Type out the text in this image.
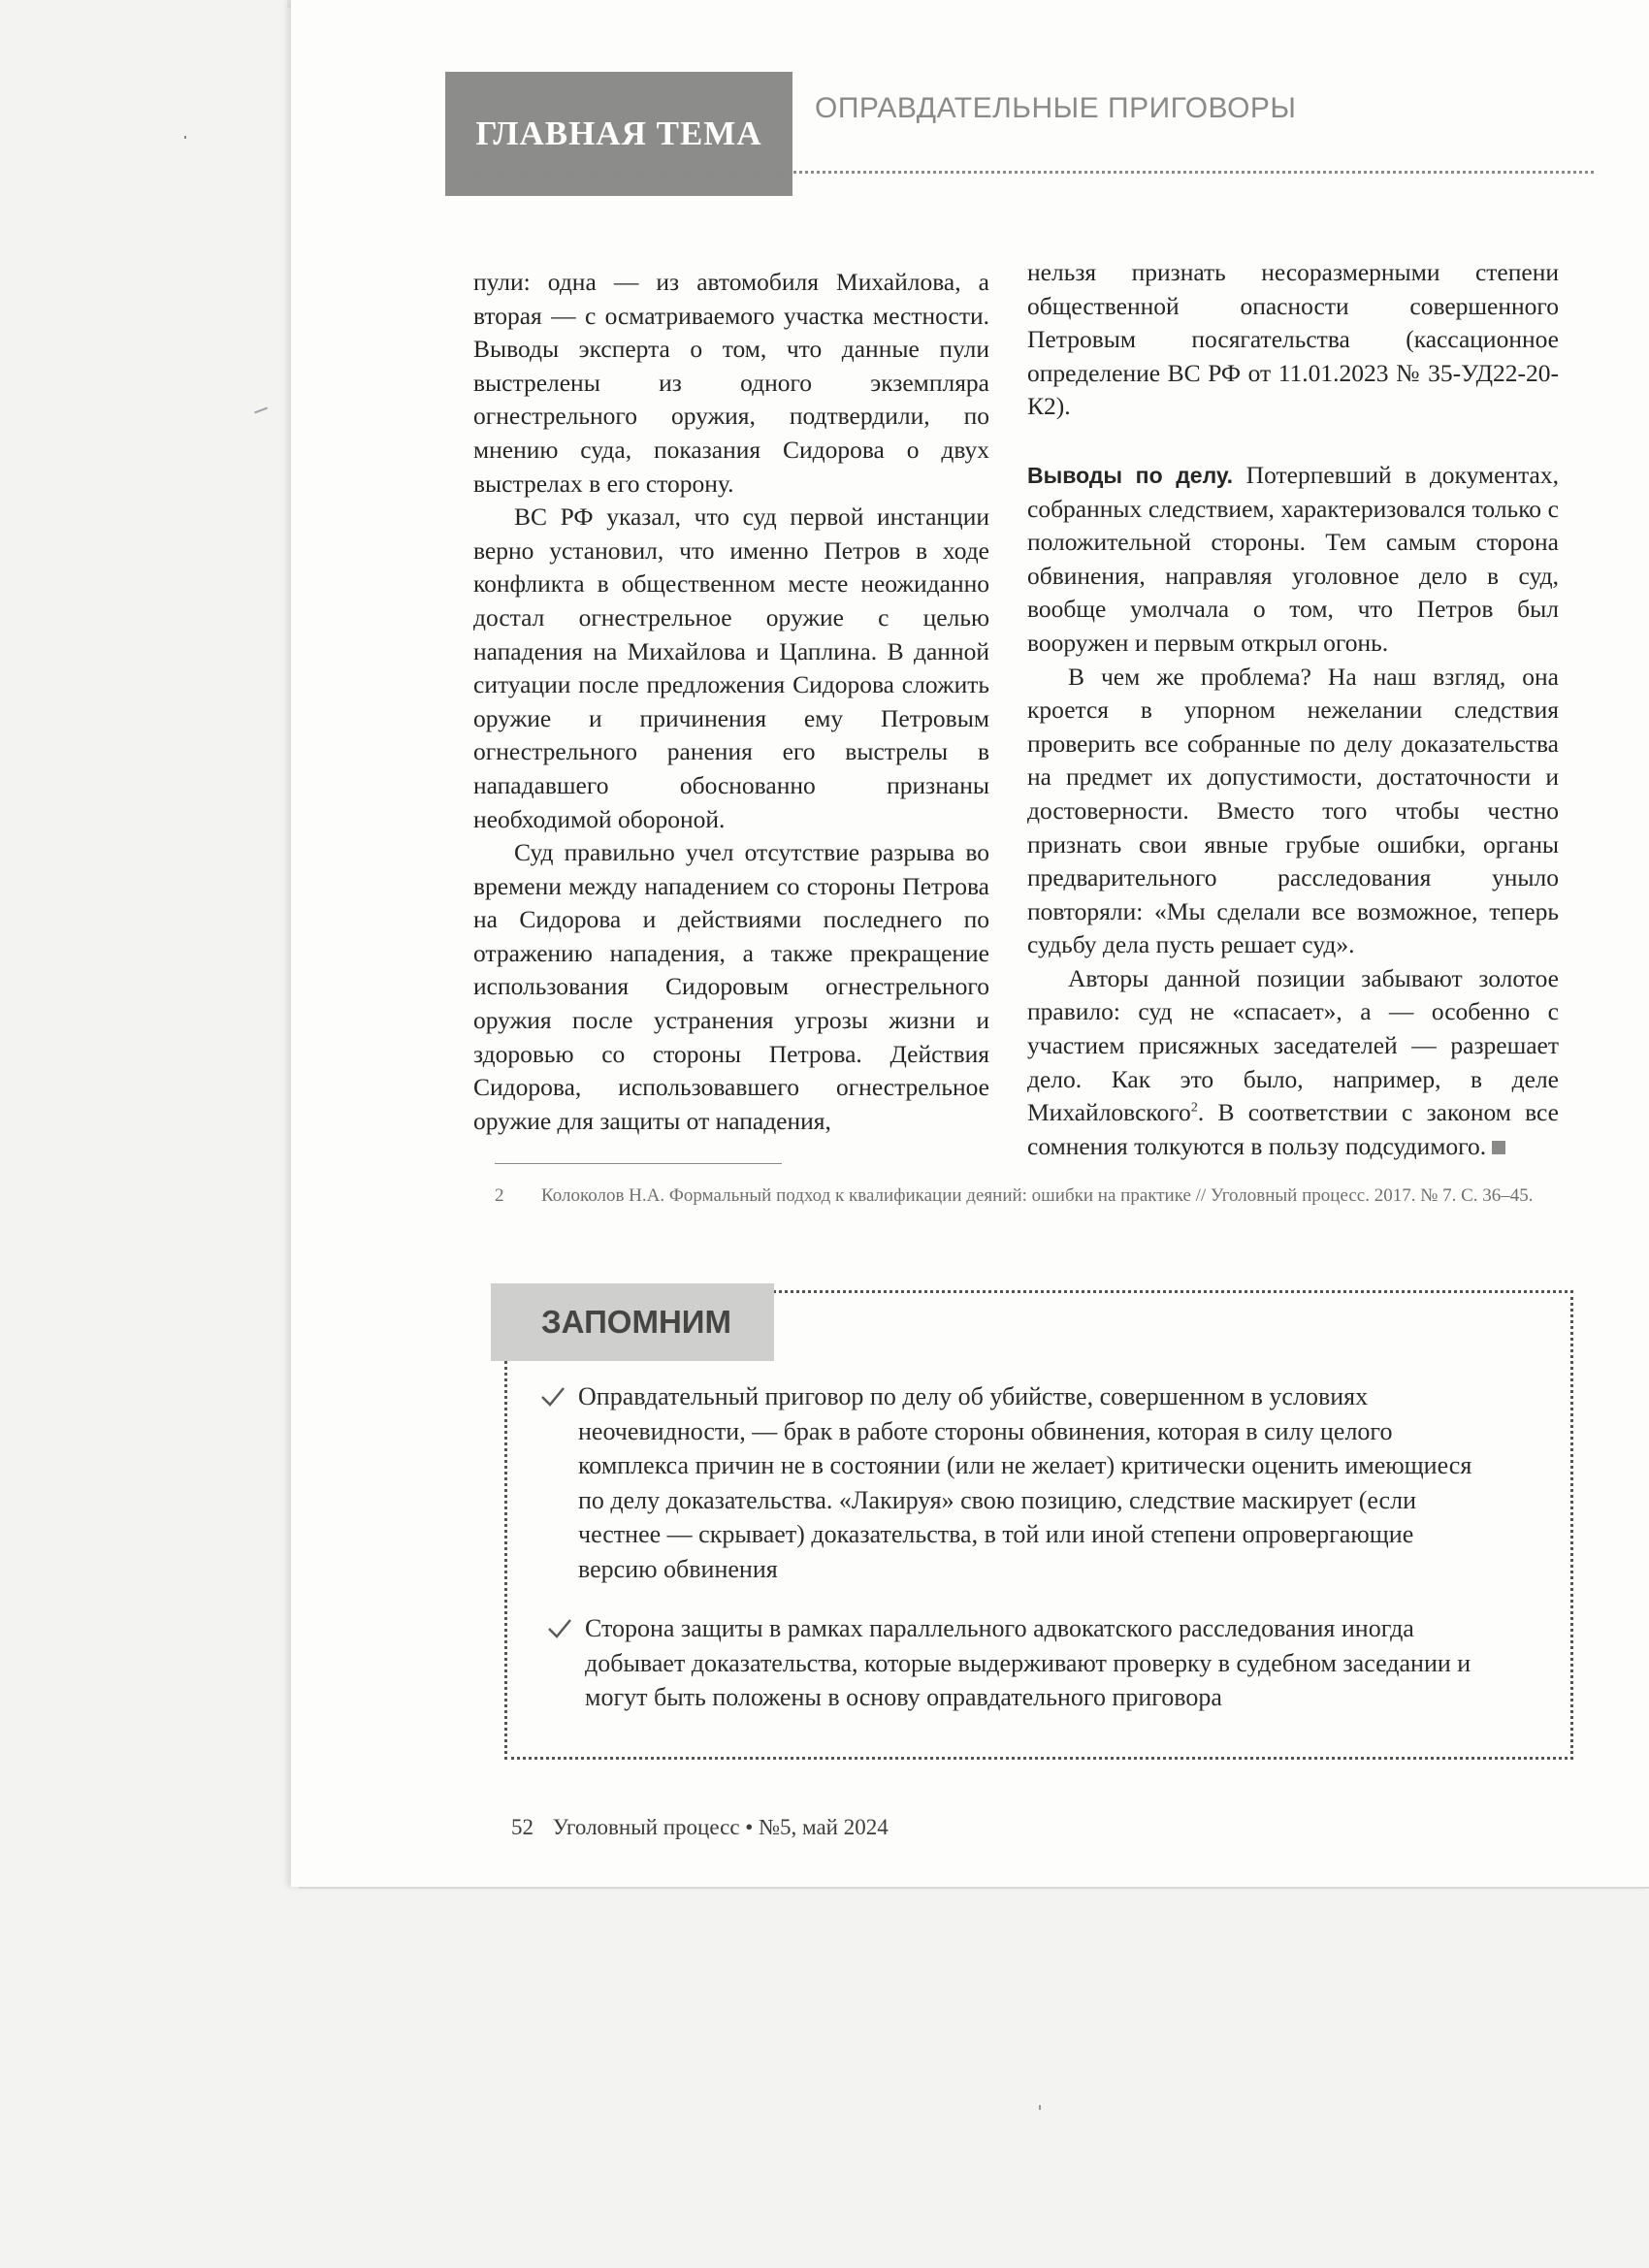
ГЛАВНАЯ ТЕМА
ОПРАВДАТЕЛЬНЫЕ ПРИГОВОРЫ

пули: одна — из автомобиля Михайлова, а вторая — с осматриваемого участка местности. Выводы эксперта о том, что данные пули выстрелены из одного экземпляра огнестрельного оружия, подтвердили, по мнению суда, показания Сидорова о двух выстрелах в его сторону.

ВС РФ указал, что суд первой инстанции верно установил, что именно Петров в ходе конфликта в общественном месте неожиданно достал огнестрельное оружие с целью нападения на Михайлова и Цаплина. В данной ситуации после предложения Сидорова сложить оружие и причинения ему Петровым огнестрельного ранения его выстрелы в нападавшего обоснованно признаны необходимой обороной.

Суд правильно учел отсутствие разрыва во времени между нападением со стороны Петрова на Сидорова и действиями последнего по отражению нападения, а также прекращение использования Сидоровым огнестрельного оружия после устранения угрозы жизни и здоровью со стороны Петрова. Действия Сидорова, использовавшего огнестрельное оружие для защиты от нападения,

нельзя признать несоразмерными степени общественной опасности совершенного Петровым посягательства (кассационное определение ВС РФ от 11.01.2023 № 35-УД22-20-К2).

Выводы по делу. Потерпевший в документах, собранных следствием, характеризовался только с положительной стороны. Тем самым сторона обвинения, направляя уголовное дело в суд, вообще умолчала о том, что Петров был вооружен и первым открыл огонь.

В чем же проблема? На наш взгляд, она кроется в упорном нежелании следствия проверить все собранные по делу доказательства на предмет их допустимости, достаточности и достоверности. Вместо того чтобы честно признать свои явные грубые ошибки, органы предварительного расследования уныло повторяли: «Мы сделали все возможное, теперь судьбу дела пусть решает суд».

Авторы данной позиции забывают золотое правило: суд не «спасает», а — особенно с участием присяжных заседателей — разрешает дело. Как это было, например, в деле Михайловского$^2$. В соответствии с законом все сомнения толкуются в пользу подсудимого.

2 Колоколов Н.А. Формальный подход к квалификации деяний: ошибки на практике // Уголовный процесс. 2017. № 7. С. 36–45.
ЗАПОМНИМ
Оправдательный приговор по делу об убийстве, совершенном в условиях неочевидности, — брак в работе стороны обвинения, которая в силу целого комплекса причин не в состоянии (или не желает) критически оценить имеющиеся по делу доказательства. «Лакируя» свою позицию, следствие маскирует (если честнее — скрывает) доказательства, в той или иной степени опровергающие версию обвинения
Сторона защиты в рамках параллельного адвокатского расследования иногда добывает доказательства, которые выдерживают проверку в судебном заседании и могут быть положены в основу оправдательного приговора
52 Уголовный процесс • №5, май 2024
